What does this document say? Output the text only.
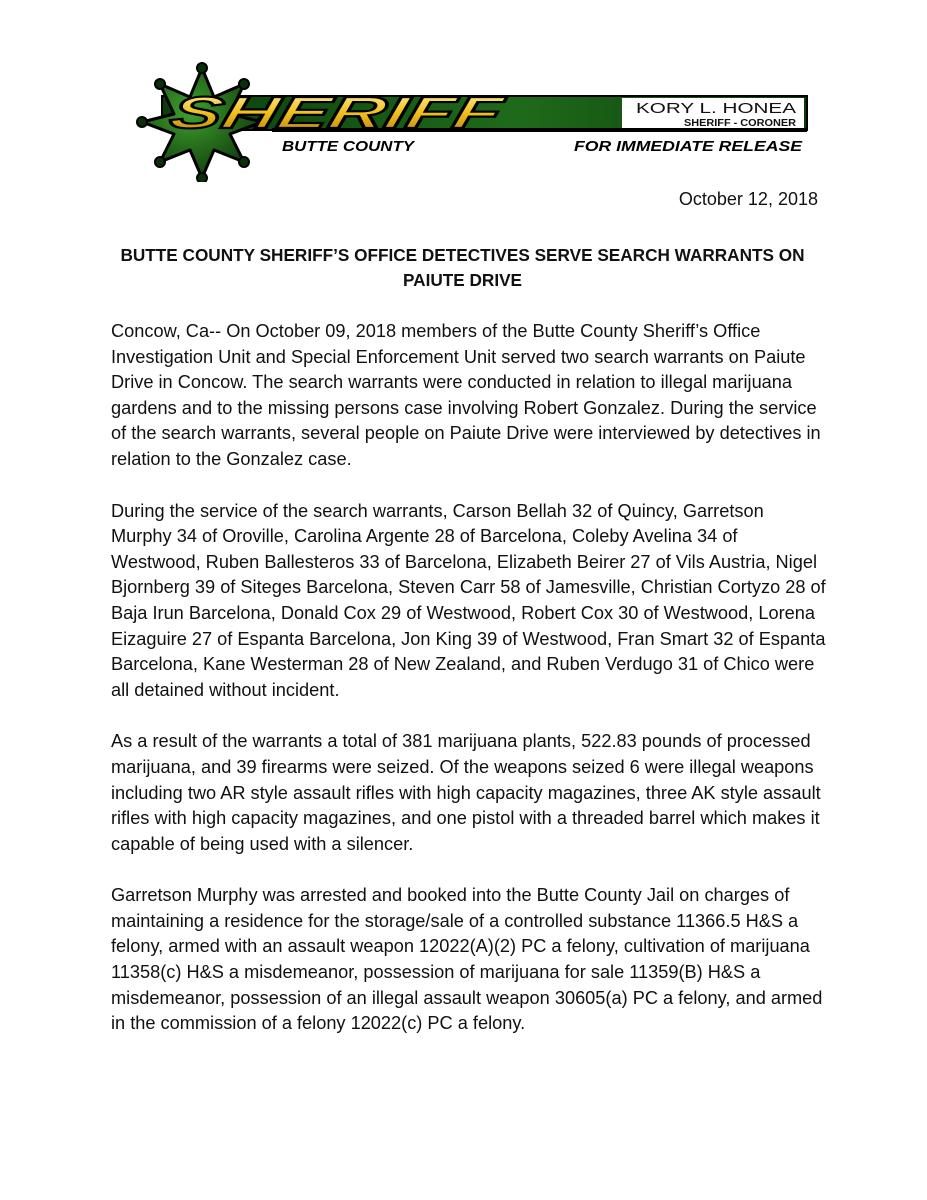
SHERIFF	KORY L. HONEA
SHERIFF - CORONER
BUTTE COUNTY	FOR IMMEDIATE RELEASE
October 12, 2018
BUTTE COUNTY SHERIFF’S OFFICE DETECTIVES SERVE SEARCH WARRANTS ON PAIUTE DRIVE

Concow, Ca-- On October 09, 2018 members of the Butte County Sheriff’s Office Investigation Unit and Special Enforcement Unit served two search warrants on Paiute Drive in Concow. The search warrants were conducted in relation to illegal marijuana gardens and to the missing persons case involving Robert Gonzalez. During the service of the search warrants, several people on Paiute Drive were interviewed by detectives in relation to the Gonzalez case.

During the service of the search warrants, Carson Bellah 32 of Quincy, Garretson Murphy 34 of Oroville, Carolina Argente 28 of Barcelona, Coleby Avelina 34 of Westwood, Ruben Ballesteros 33 of Barcelona, Elizabeth Beirer 27 of Vils Austria, Nigel Bjornberg 39 of Siteges Barcelona, Steven Carr 58 of Jamesville, Christian Cortyzo 28 of Baja Irun Barcelona, Donald Cox 29 of Westwood, Robert Cox 30 of Westwood, Lorena Eizaguire 27 of Espanta Barcelona, Jon King 39 of Westwood, Fran Smart 32 of Espanta Barcelona, Kane Westerman 28 of New Zealand, and Ruben Verdugo 31 of Chico were all detained without incident.

As a result of the warrants a total of 381 marijuana plants, 522.83 pounds of processed marijuana, and 39 firearms were seized. Of the weapons seized 6 were illegal weapons including two AR style assault rifles with high capacity magazines, three AK style assault rifles with high capacity magazines, and one pistol with a threaded barrel which makes it capable of being used with a silencer.

Garretson Murphy was arrested and booked into the Butte County Jail on charges of maintaining a residence for the storage/sale of a controlled substance 11366.5 H&S a felony, armed with an assault weapon 12022(A)(2) PC a felony, cultivation of marijuana 11358(c) H&S a misdemeanor, possession of marijuana for sale 11359(B) H&S a misdemeanor, possession of an illegal assault weapon 30605(a) PC a felony, and armed in the commission of a felony 12022(c) PC a felony.
